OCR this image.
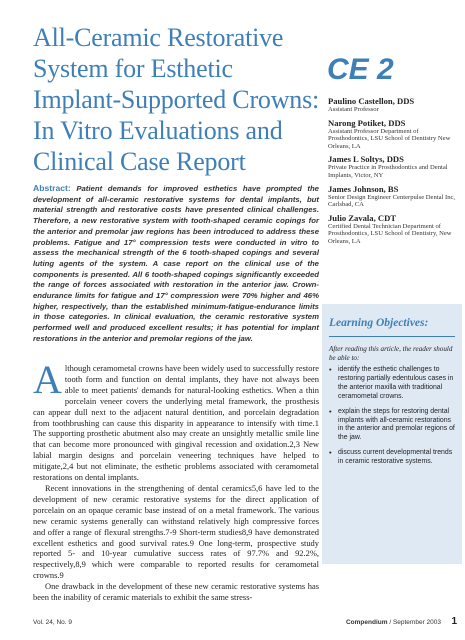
All-Ceramic Restorative
System for Esthetic
Implant-Supported Crowns:
In Vitro Evaluations and
Clinical Case Report
CE 2
Paulino Castellon, DDS
Assistant Professor
Narong Potiket, DDS
Assistant Professor Department of Prosthodontics, LSU School of Dentistry New Orleans, LA
James L Soltys, DDS
Private Practice in Prosthodontics and Dental Implants, Victor, NY
James Johnson, BS
Senior Design Engineer Centerpulse Dental Inc, Carlsbad, CA
Julio Zavala, CDT
Certified Dental Technician Department of Prosthodontics, LSU School of Dentistry, New Orleans, LA

Abstract: Patient demands for improved esthetics have prompted the development of all-ceramic restorative systems for dental implants, but material strength and restorative costs have presented clinical challenges. Therefore, a new restorative system with tooth-shaped ceramic copings for the anterior and premolar jaw regions has been introduced to address these problems. Fatigue and 17° compression tests were conducted in vitro to assess the mechanical strength of the 6 tooth-shaped copings and several luting agents of the system. A case report on the clinical use of the components is presented. All 6 tooth-shaped copings significantly exceeded the range of forces associated with restoration in the anterior jaw. Crown-endurance limits for fatigue and 17° compression were 70% higher and 46% higher, respectively, than the established minimum-fatigue-endurance limits in those categories. In clinical evaluation, the ceramic restorative system performed well and produced excellent results; it has potential for implant restorations in the anterior and premolar regions of the jaw.

Learning Objectives:
After reading this article, the reader should be able to:
• identify the esthetic challenges to restoring partially edentulous cases in the anterior maxilla with traditional ceramometal crowns.
• explain the steps for restoring dental implants with all-ceramic restorations in the anterior and premolar regions of the jaw.
• discuss current developmental trends in ceramic restorative systems.

Although ceramometal crowns have been widely used to successfully restore tooth form and function on dental implants, they have not always been able to meet patients' demands for natural-looking esthetics. When a thin porcelain veneer covers the underlying metal framework, the prosthesis can appear dull next to the adjacent natural dentition, and porcelain degradation from toothbrushing can cause this disparity in appearance to intensify with time.1 The supporting prosthetic abutment also may create an unsightly metallic smile line that can become more pronounced with gingival recession and oxidation.2,3 New labial margin designs and porcelain veneering techniques have helped to mitigate,2,4 but not eliminate, the esthetic problems associated with ceramometal restorations on dental implants.

Recent innovations in the strengthening of dental ceramics5,6 have led to the development of new ceramic restorative systems for the direct application of porcelain on an opaque ceramic base instead of on a metal framework. The various new ceramic systems generally can withstand relatively high compressive forces and offer a range of flexural strengths.7-9 Short-term studies8,9 have demonstrated excellent esthetics and good survival rates.9 One long-term, prospective study reported 5- and 10-year cumulative success rates of 97.7% and 92.2%, respectively,8,9 which were comparable to reported results for ceramometal crowns.9

One drawback in the development of these new ceramic restorative systems has been the inability of ceramic materials to exhibit the same stress-

Vol. 24, No. 9	Compendium / September 2003 1
